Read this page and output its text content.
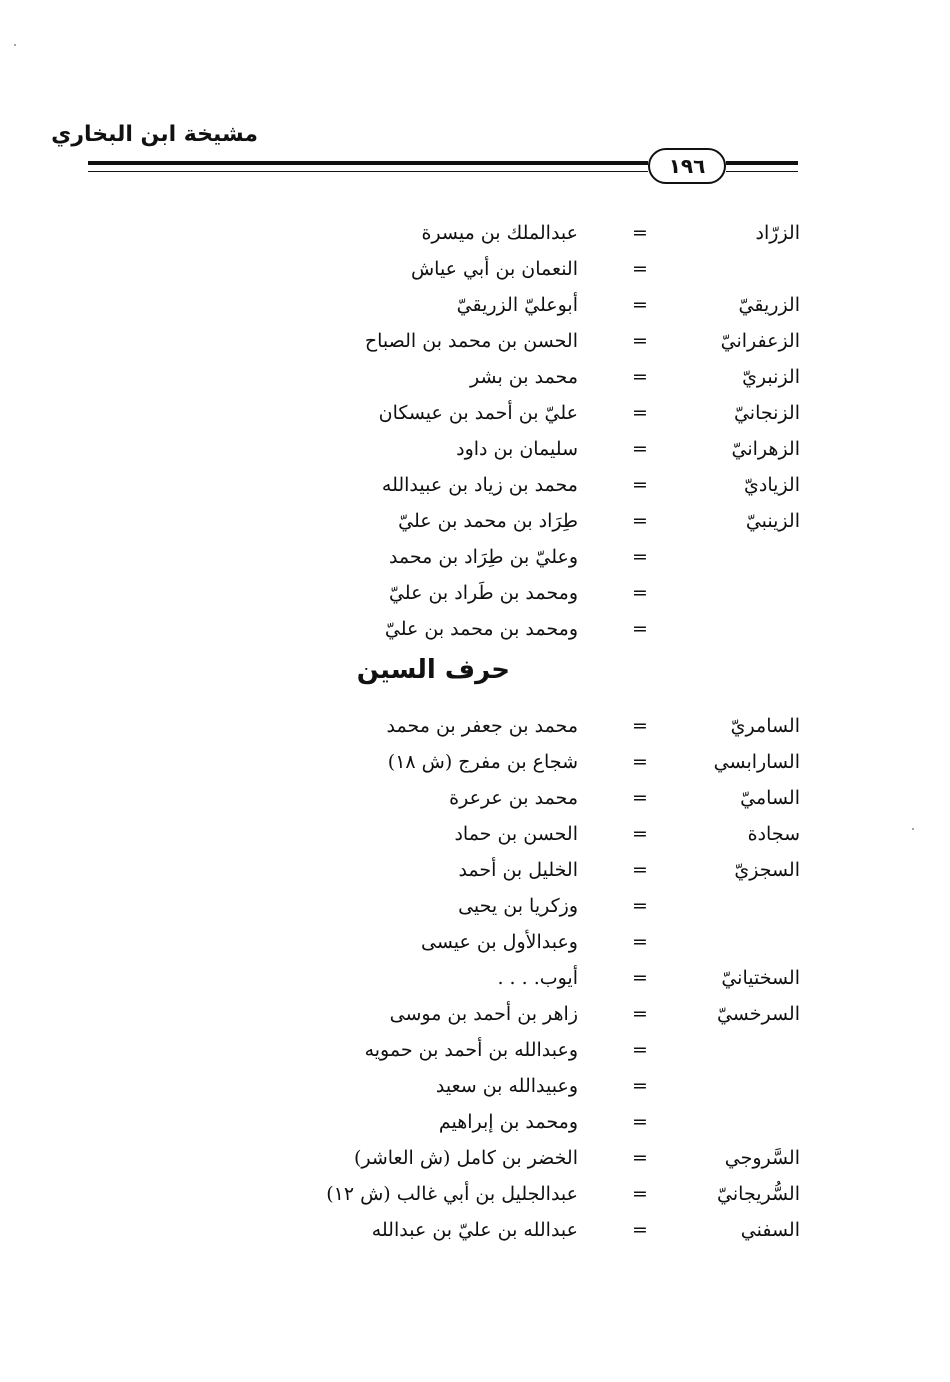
مشيخة ابن البخاري
١٩٦
الزرّاد
=
عبدالملك بن ميسرة
=
النعمان بن أبي عياش
الزريقيّ
=
أبوعليّ الزريقيّ
الزعفرانيّ
=
الحسن بن محمد بن الصباح
الزنبريّ
=
محمد بن بشر
الزنجانيّ
=
عليّ بن أحمد بن عيسكان
الزهرانيّ
=
سليمان بن داود
الزياديّ
=
محمد بن زياد بن عبيدالله
الزينبيّ
=
طِرَاد بن محمد بن عليّ
=
وعليّ بن طِرَاد بن محمد
=
ومحمد بن طَراد بن عليّ
=
ومحمد بن محمد بن عليّ
حرف السين
السامريّ
=
محمد بن جعفر بن محمد
السارابسي
=
شجاع بن مفرج (ش ١٨)
الساميّ
=
محمد بن عرعرة
سجادة
=
الحسن بن حماد
السجزيّ
=
الخليل بن أحمد
=
وزكريا بن يحيى
=
وعبدالأول بن عيسى
السختيانيّ
=
أيوب. . . .
السرخسيّ
=
زاهر بن أحمد بن موسى
=
وعبدالله بن أحمد بن حمويه
=
وعبيدالله بن سعيد
=
ومحمد بن إبراهيم
السَّروجي
=
الخضر بن كامل (ش العاشر)
السُّريجانيّ
=
عبدالجليل بن أبي غالب (ش ١٢)
السفني
=
عبدالله بن عليّ بن عبدالله
